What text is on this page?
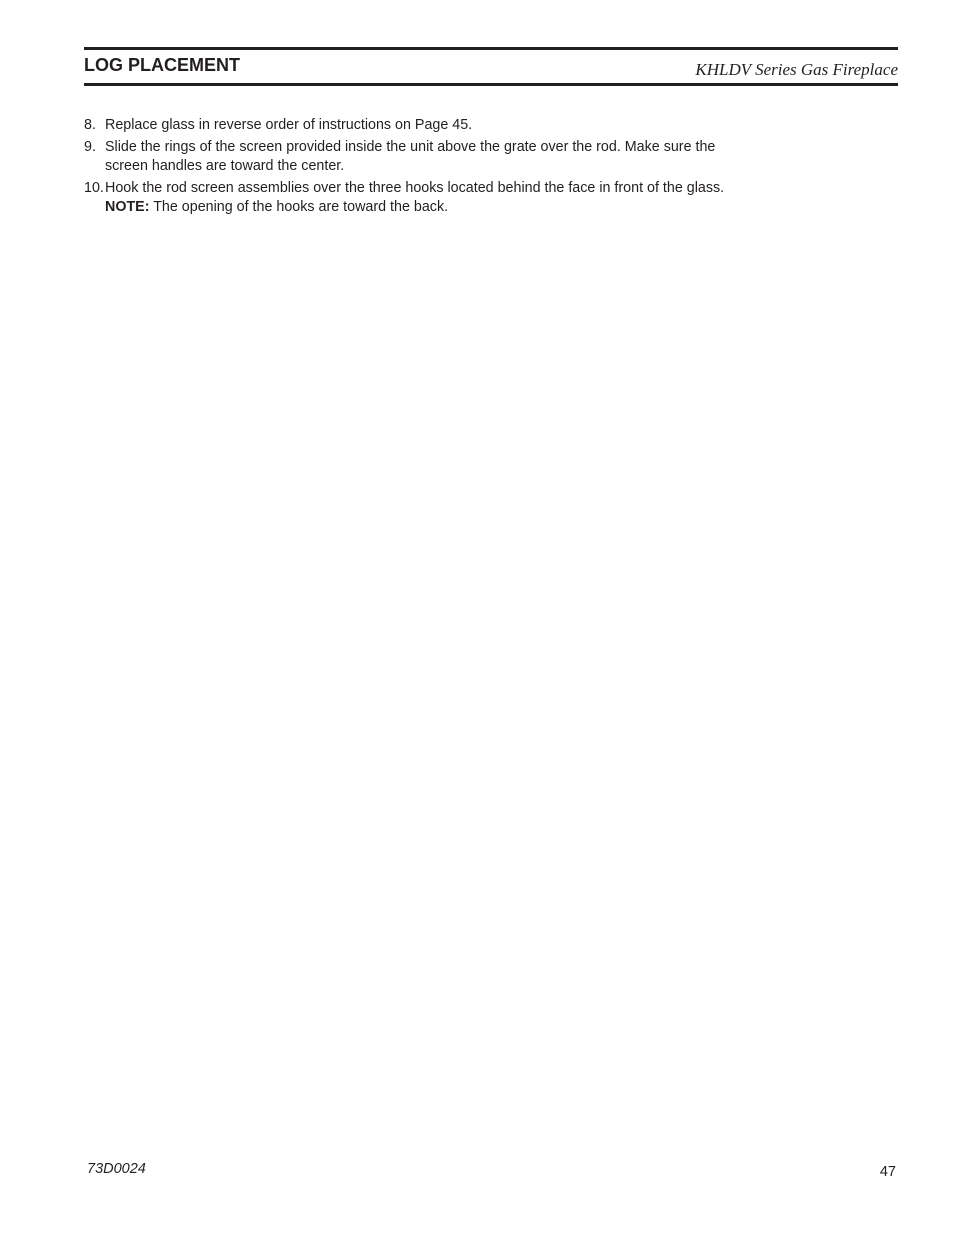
LOG PLACEMENT	KHLDV Series Gas Fireplace
8. Replace glass in reverse order of instructions on Page 45.
9. Slide the rings of the screen provided inside the unit above the grate over the rod. Make sure the screen handles are toward the center.
10. Hook the rod screen assemblies over the three hooks located behind the face in front of the glass. NOTE: The opening of the hooks are toward the back.
73D0024	47
